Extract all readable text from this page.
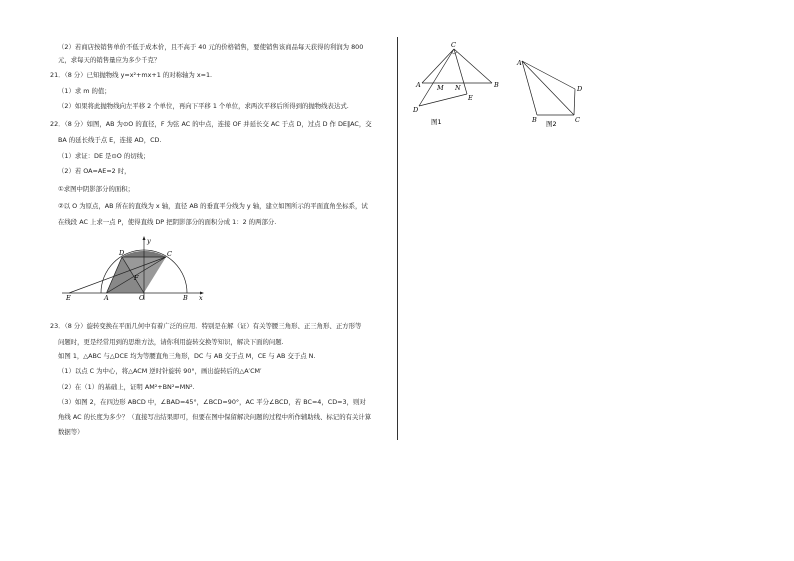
（2）若商店按销售单价不低于成本价，且不高于 40 元的价格销售，要使销售该商品每天获得的利润为 800
元，求每天的销售量应为多少千克？
21．（8 分）已知抛物线 y=x²+mx+1 的对称轴为 x=1.
（1）求 m 的值；
（2）如果将此抛物线向左平移 2 个单位，再向下平移 1 个单位，求两次平移后所得到的抛物线表达式.
22．（8 分）如图，AB 为⊙O 的直径，F 为弦 AC 的中点，连接 OF 并延长交 AC 于点 D，过点 D 作 DE∥AC，交
BA 的延长线于点 E，连接 AD，CD.
（1）求证：DE 是⊙O 的切线；
（2）若 OA=AE=2 时，
①求图中阴影部分的面积；
②以 O 为原点，AB 所在的直线为 x 轴，直径 AB 的垂直平分线为 y 轴，建立如图所示的平面直角坐标系，试
在线段 AC 上求一点 P，使得直线 DP 把阴影部分的面积分成 1：2 的两部分.
y
D	C
F
E	A	O	B x
23．（8 分）旋转变换在平面几何中有着广泛的应用．特别是在解（证）有关等腰三角形、正三角形、正方形等
问题时，更是经常用到的思维方法，请你利用旋转交换等知识，解决下面的问题.
如图 1，△ABC 与△DCE 均为等腰直角三角形，DC 与 AB 交于点 M，CE 与 AB 交于点 N.
（1）以点 C 为中心，将△ACM 逆时针旋转 90°，画出旋转后的△A′CM′
（2）在（1）的基础上，证明 AM²+BN²=MN².
（3）如图 2，在四边形 ABCD 中，∠BAD=45°，∠BCD=90°，AC 平分∠BCD，若 BC=4，CD=3，则对
角线 AC 的长度为多少？（直接写出结果即可，但要在图中保留解决问题的过程中所作辅助线、标记的有关计算
数据等）
C
A	M N	B
D
E
图1
A
D
B	C
图2
